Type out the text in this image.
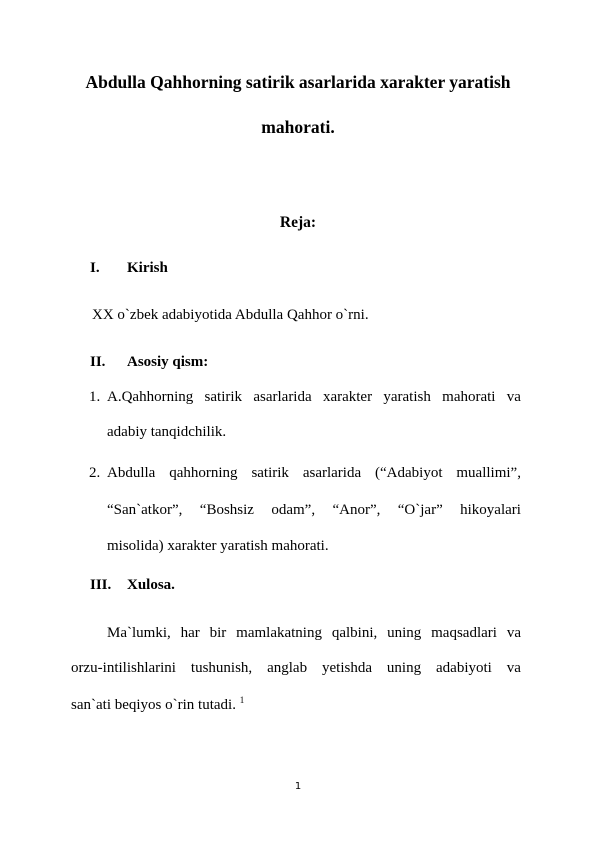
Abdulla Qahhorning satirik asarlarida xarakter yaratish
mahorati.
Reja:
I. Kirish
XX o`zbek adabiyotida Abdulla Qahhor o`rni.
II. Asosiy qism:
1. A.Qahhorning satirik asarlarida xarakter yaratish mahorati va
adabiy tanqidchilik.
2. Abdulla qahhorning satirik asarlarida (“Adabiyot muallimi”,
“San`atkor”, “Boshsiz odam”, “Anor”, “O`jar” hikoyalari
misolida) xarakter yaratish mahorati.
III. Xulosa.
Ma`lumki, har bir mamlakatning qalbini, uning maqsadlari va
orzu-intilishlarini tushunish, anglab yetishda uning adabiyoti va
san`ati beqiyos o`rin tutadi. $^1$
1
